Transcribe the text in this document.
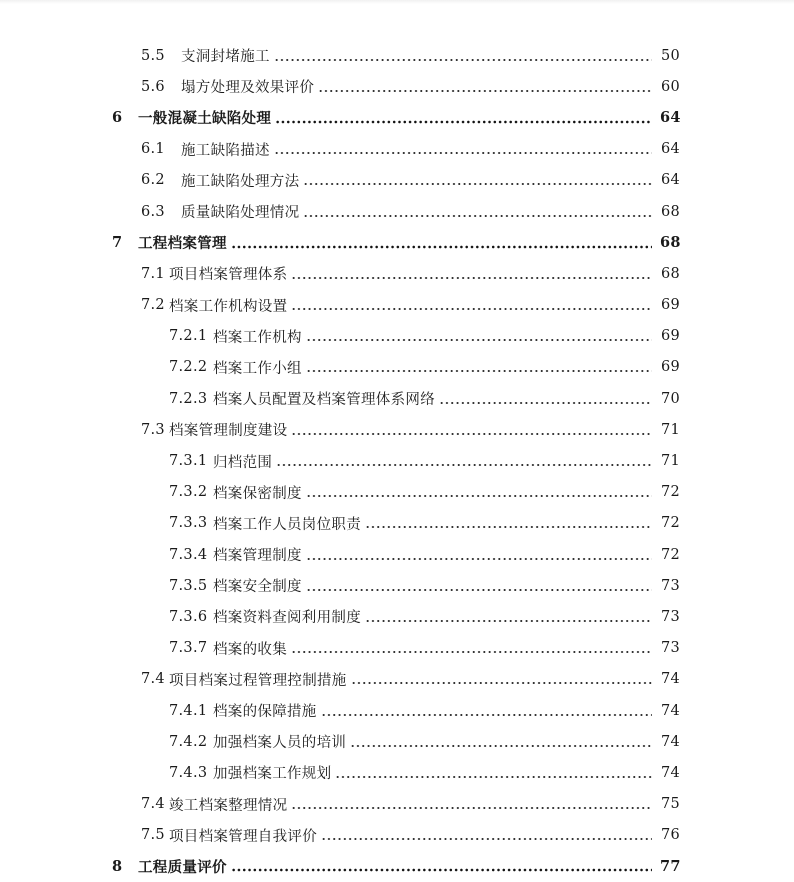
5.5	支洞封堵施工	50
5.6	塌方处理及效果评价	60
6	一般混凝土缺陷处理	64
6.1	施工缺陷描述	64
6.2	施工缺陷处理方法	64
6.3	质量缺陷处理情况	68
7	工程档案管理	68
7.1 项目档案管理体系	68
7.2 档案工作机构设置	69
7.2.1 档案工作机构	69
7.2.2 档案工作小组	69
7.2.3 档案人员配置及档案管理体系网络	70
7.3 档案管理制度建设	71
7.3.1 归档范围	71
7.3.2 档案保密制度	72
7.3.3 档案工作人员岗位职责	72
7.3.4 档案管理制度	72
7.3.5 档案安全制度	73
7.3.6 档案资料查阅利用制度	73
7.3.7 档案的收集	73
7.4 项目档案过程管理控制措施	74
7.4.1 档案的保障措施	74
7.4.2 加强档案人员的培训	74
7.4.3 加强档案工作规划	74
7.4 竣工档案整理情况	75
7.5 项目档案管理自我评价	76
8	工程质量评价	77
